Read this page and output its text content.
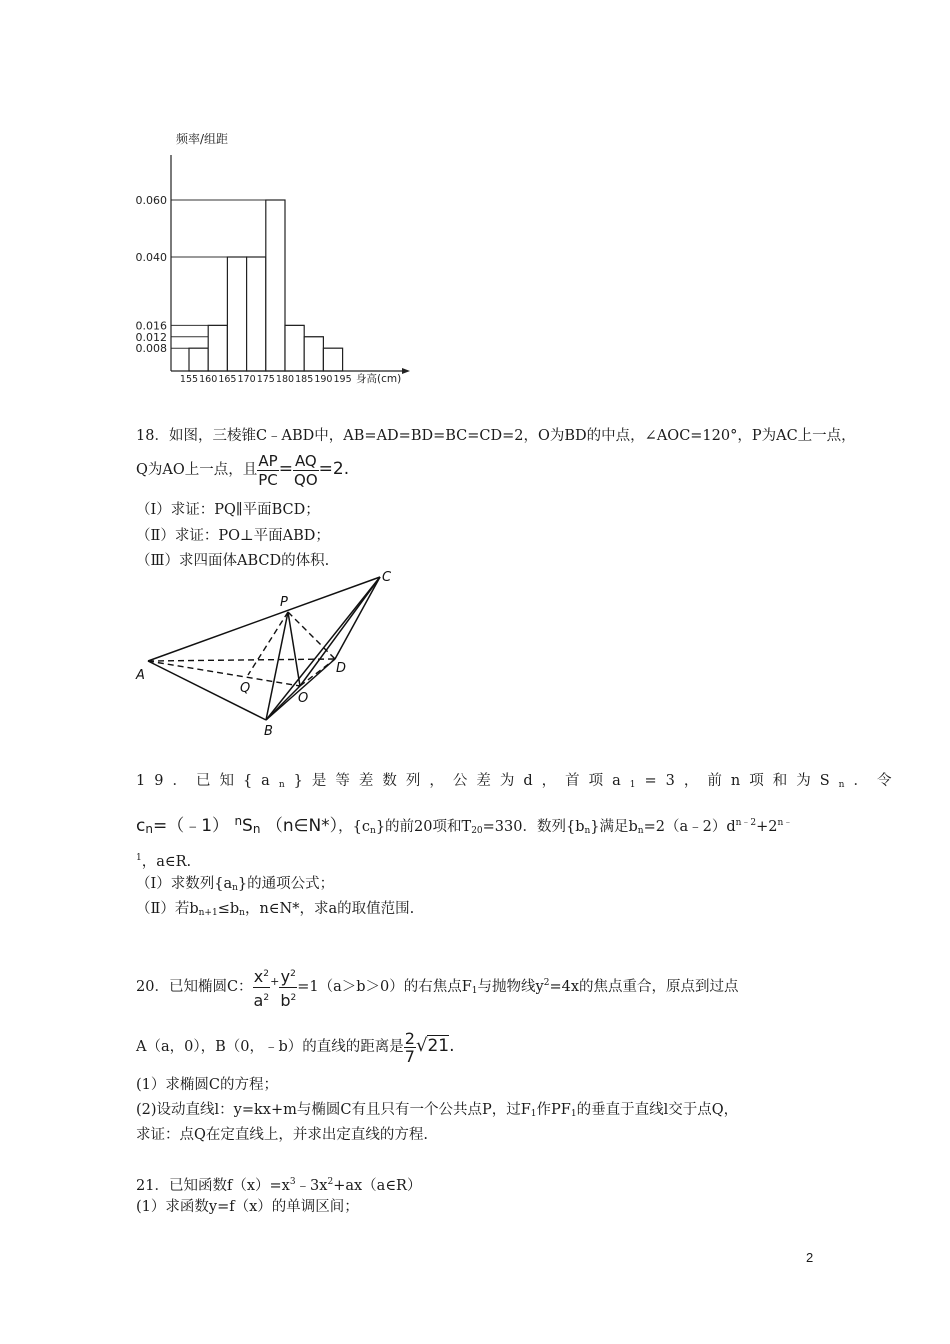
频率/组距
0.008
0.012
0.016
0.040
0.060
155 160 165 170 175 180 185 190 195 身高(cm)
18．如图，三棱锥C﹣ABD中，AB=AD=BD=BC=CD=2，O为BD的中点，∠AOC=120°，P为AC上一点，
Q为AO上一点，且 $\frac{AP}{PC} = \frac{AQ}{QO} =2$.
（Ⅰ）求证：PQ∥平面BCD；
（Ⅱ）求证：PO⊥平面ABD；
（Ⅲ）求四面体ABCD的体积.
A
B
C
D
O
P
Q
19．已知$\{a_n\}$是等差数列，公差为d，首项$a_1=3$，前n项和为$S_n$．令
cn=（﹣1） $^n$Sn （n∈N*），$\{c_n\}$的前20项和$T_{20}=330$．数列$\{b_n\}$满足$b_n=2(a﹣2)d^{n﹣2}+2^{n﹣}$
$^1$，a∈R.
（Ⅰ）求数列$\{a_n\}$的通项公式；
（Ⅱ）若$b_{n+1}\le b_n$，n∈N*，求a的取值范围.
20．已知椭圆C： $\frac{x^2}{a^2} ^+ \frac{y^2}{b^2} =1(a>b>0)$的右焦点$F_1$与抛物线$y^2=4x$的焦点重合，原点到过点
A（a，0），B（0，﹣b）的直线的距离是 $\frac{2}{7} √21$.
(1）求椭圆C的方程；
(2)设动直线l：y=kx+m与椭圆C有且只有一个公共点P，过$F_1$作$PF_1$的垂直于直线l交于点Q，
求证：点Q在定直线上，并求出定直线的方程.
21．已知函数$f(x)=x^3﹣3x^2+ax(a\in R)$
(1）求函数y=f（x）的单调区间；
2
